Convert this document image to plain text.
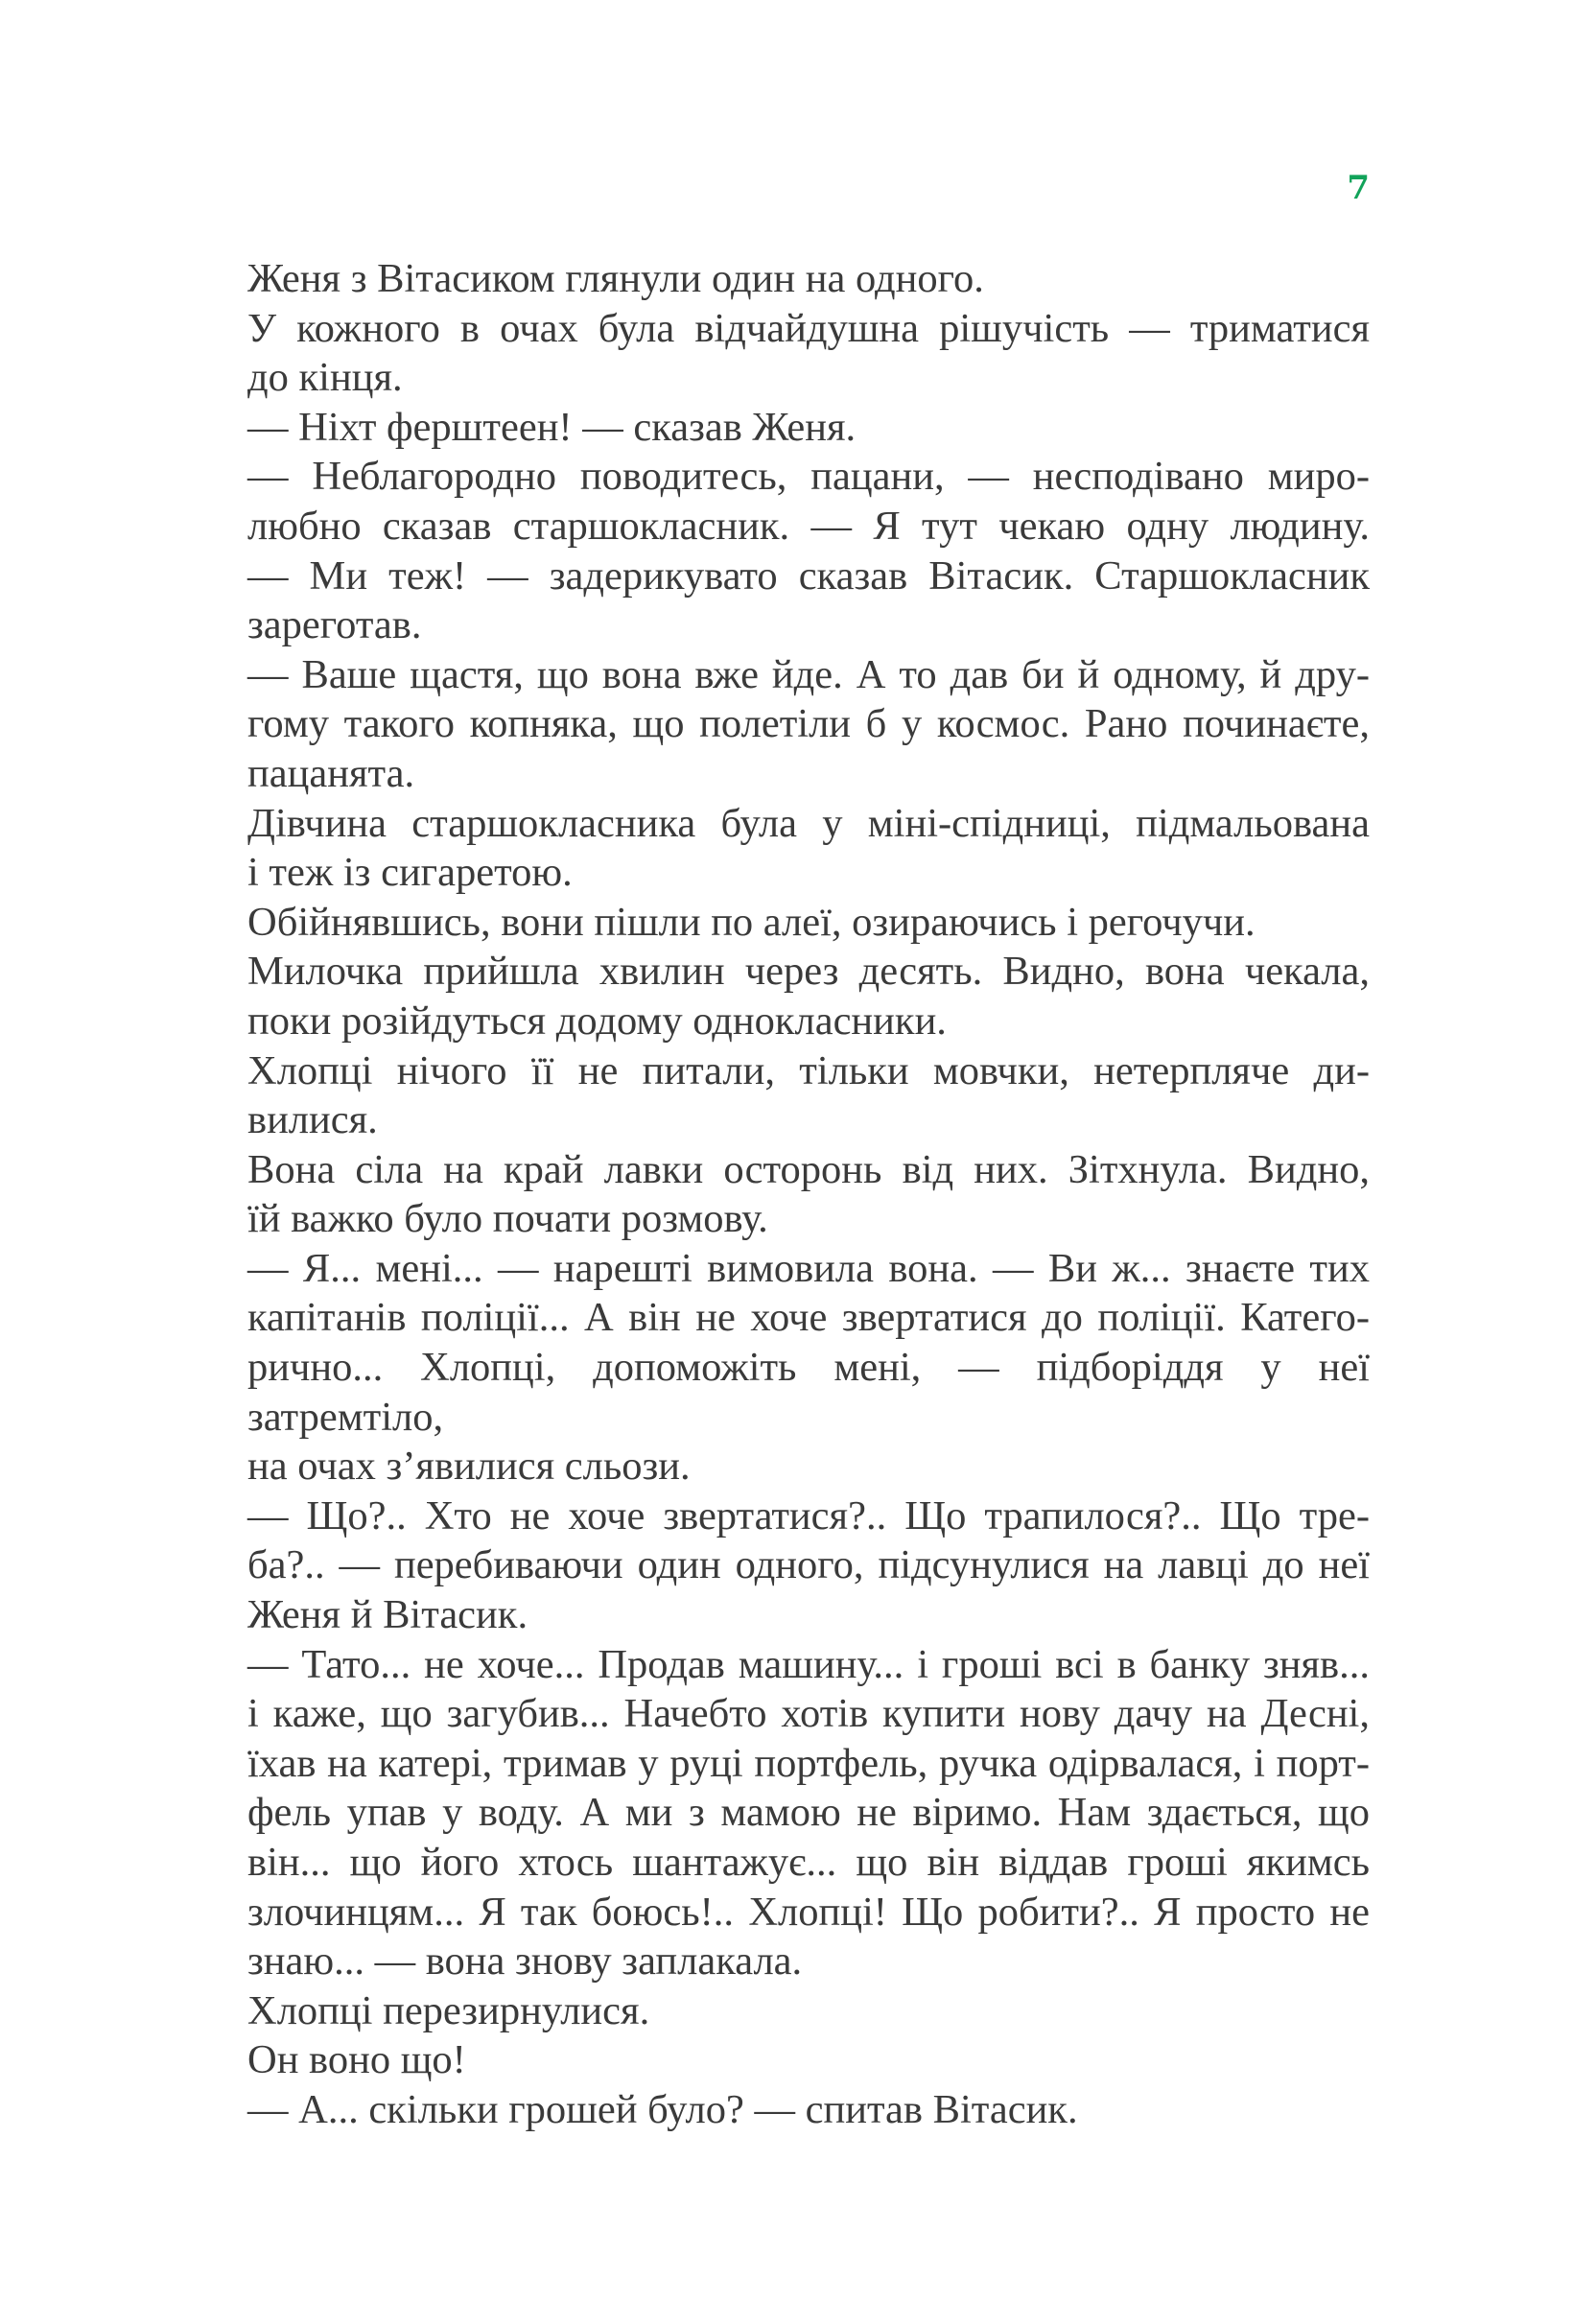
7
Женя з Вітасиком глянули один на одного.
У кожного в очах була відчайдушна рішучість — триматися
до кінця.
— Ніхт ферштеен! — сказав Женя.
— Неблагородно поводитесь, пацани, — несподівано миро-
любно сказав старшокласник. — Я тут чекаю одну людину.
— Ми теж! — задерикувато сказав Вітасик. Старшокласник
зареготав.
— Ваше щастя, що вона вже йде. А то дав би й одному, й дру-
гому такого копняка, що полетіли б у космос. Рано починаєте,
пацанята.
Дівчина старшокласника була у міні-спідниці, підмальована
і теж із сигаретою.
Обійнявшись, вони пішли по алеї, озираючись і регочучи.
Милочка прийшла хвилин через десять. Видно, вона чекала,
поки розійдуться додому однокласники.
Хлопці нічого її не питали, тільки мовчки, нетерпляче ди-
вилися.
Вона сіла на край лавки осторонь від них. Зітхнула. Видно,
їй важко було почати розмову.
— Я... мені... — нарешті вимовила вона. — Ви ж... знаєте тих
капітанів поліції... А він не хоче звертатися до поліції. Катего-
рично... Хлопці, допоможіть мені, — підборіддя у неї затремтіло,
на очах з’явилися сльози.
— Що?.. Хто не хоче звертатися?.. Що трапилося?.. Що тре-
ба?.. — перебиваючи один одного, підсунулися на лавці до неї
Женя й Вітасик.
— Тато... не хоче... Продав машину... і гроші всі в банку зняв...
і каже, що загубив... Начебто хотів купити нову дачу на Десні,
їхав на катері, тримав у руці портфель, ручка одірвалася, і порт-
фель упав у воду. А ми з мамою не віримо. Нам здається, що
він... що його хтось шантажує... що він віддав гроші якимсь
злочинцям... Я так боюсь!.. Хлопці! Що робити?.. Я просто не
знаю... — вона знову заплакала.
Хлопці перезирнулися.
Он воно що!
— А... скільки грошей було? — спитав Вітасик.
